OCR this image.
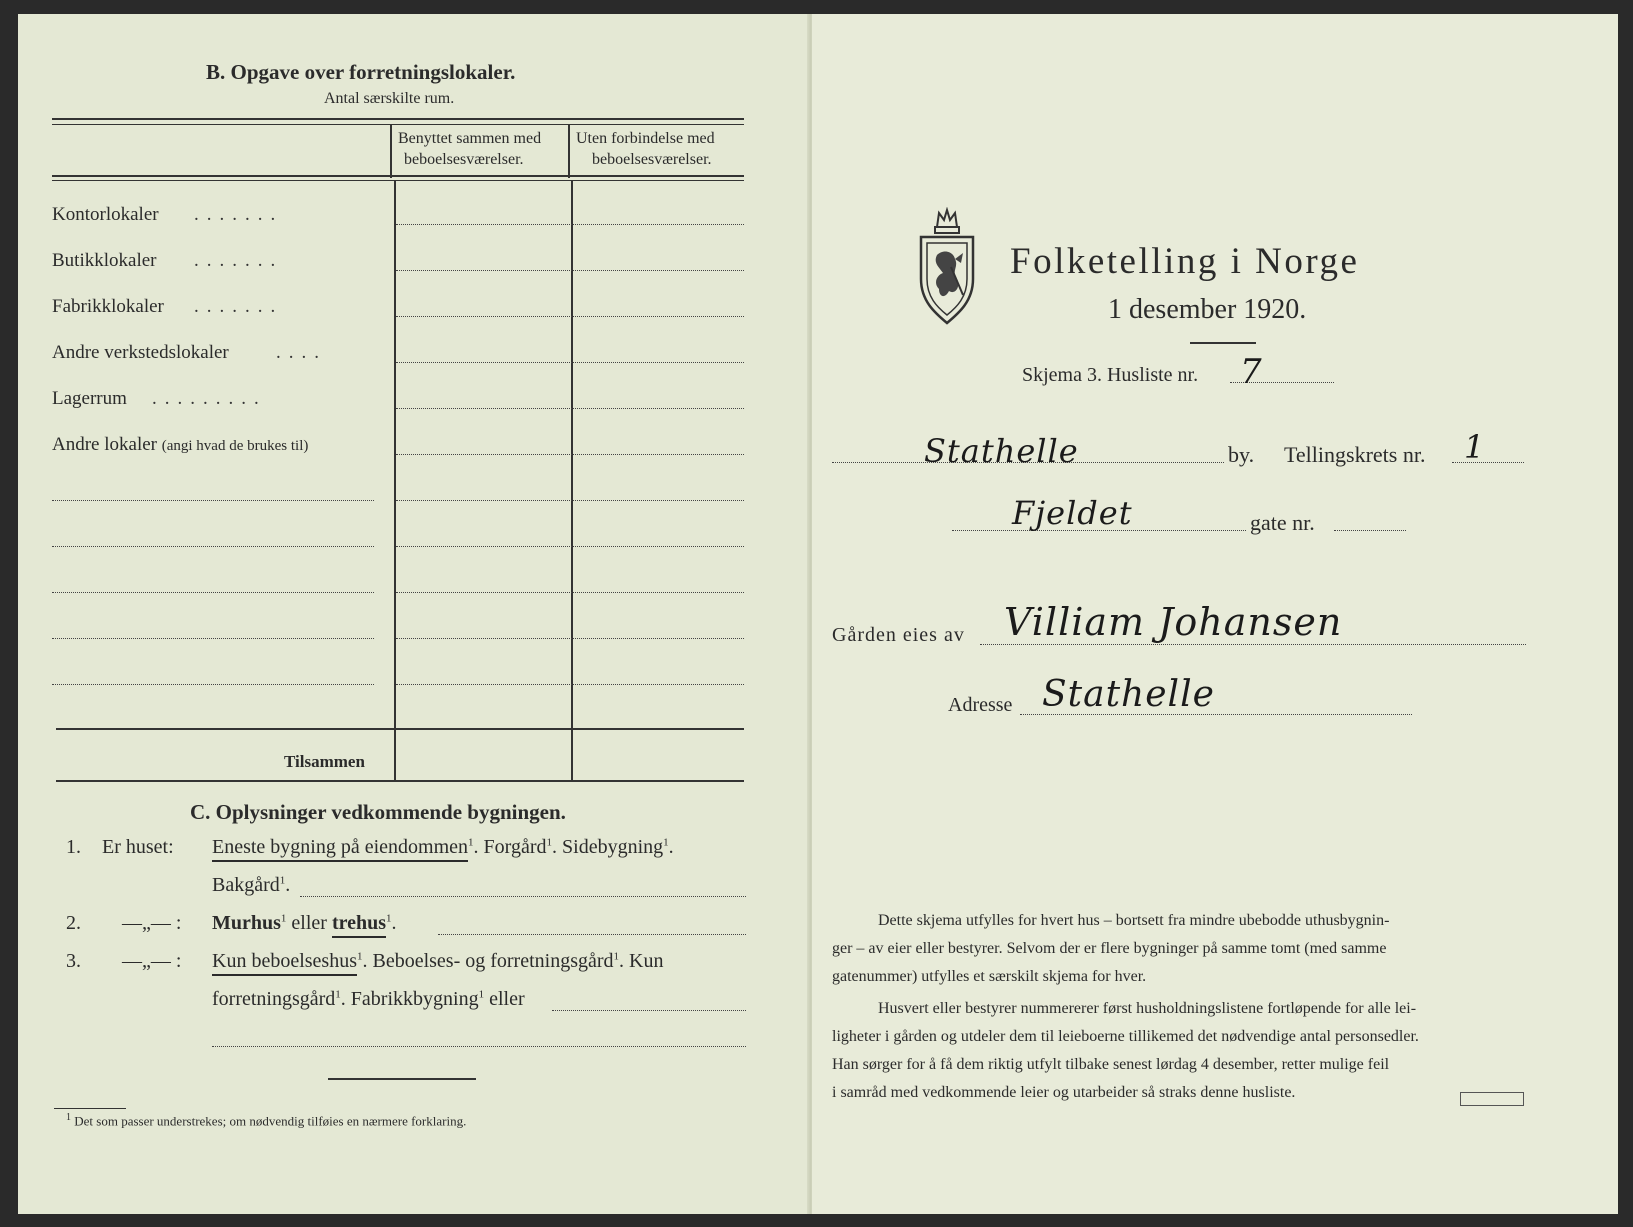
B. Opgave over forretningslokaler.
Antal særskilte rum.
Benyttet sammen med
beboelsesværelser.
Uten forbindelse med
beboelsesværelser.
Kontorlokaler .......
Butikklokaler .......
Fabrikklokaler .......
Andre verkstedslokaler ....
Lagerrum .........
Andre lokaler (angi hvad de brukes til)
Tilsammen
C. Oplysninger vedkommende bygningen.
1. Er huset: Eneste bygning på eiendommen$^1$. Forgård$^1$. Sidebygning$^1$.
Bakgård$^1$.
2. —„— : Murhus$^1$ eller trehus$^1$.
3. —„— : Kun beboelseshus$^1$. Beboelses- og forretningsgård$^1$. Kun
forretningsgård$^1$. Fabrikkbygning$^1$ eller
$^1$ Det som passer understrekes; om nødvendig tilføies en nærmere forklaring.
Folketelling i Norge
1 desember 1920.
Skjema 3. Husliste nr. 7
Stathelle	by. Tellingskrets nr. 1
Fjeldet	gate nr.
Gården eies av Villiam Johansen
Adresse Stathelle
Dette skjema utfylles for hvert hus – bortsett fra mindre ubebodde uthusbygnin-
ger – av eier eller bestyrer. Selvom der er flere bygninger på samme tomt (med samme
gatenummer) utfylles et særskilt skjema for hver.
Husvert eller bestyrer nummererer først husholdningslistene fortløpende for alle lei-
ligheter i gården og utdeler dem til leieboerne tillikemed det nødvendige antal personsedler.
Han sørger for å få dem riktig utfylt tilbake senest lørdag 4 desember, retter mulige feil
i samråd med vedkommende leier og utarbeider så straks denne husliste.
